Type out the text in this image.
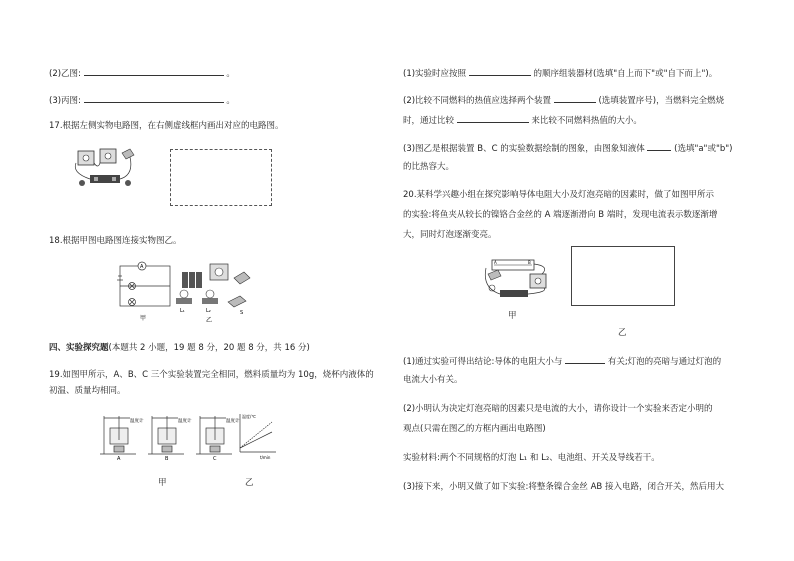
(2)乙图:	。
(3)丙图:	。
17.根据左侧实物电路图，在右侧虚线框内画出对应的电路图。
18.根据甲图电路图连接实物图乙。
A
甲
L₁	L₂	S
乙
四、实验探究题(本题共 2 小题，19 题 8 分，20 题 8 分，共 16 分)
19.如图甲所示，A、B、C 三个实验装置完全相同，燃料质量均为 10g，烧杯内液体的
初温、质量均相同。
温度计	温度计	温度计
A	B	C
温度/℃
t/min
甲	乙
(1)实验时应按照	的顺序组装器材(选填"自上而下"或"自下而上")。
(2)比较不同燃料的热值应选择两个装置	(选填装置序号)，当燃料完全燃烧
时，通过比较	来比较不同燃料热值的大小。
(3)图乙是根据装置 B、C 的实验数据绘制的图象，由图象知液体	(选填"a"或"b")
的比热容大。
20.某科学兴趣小组在探究影响导体电阻大小及灯泡亮暗的因素时，做了如图甲所示
的实验:将鱼夹从较长的镍铬合金丝的 A 端逐渐滑向 B 端时，发现电流表示数逐渐增
大，同时灯泡逐渐变亮。
A	B
甲
乙
(1)通过实验可得出结论:导体的电阻大小与	有关;灯泡的亮暗与通过灯泡的
电流大小有关。
(2)小明认为决定灯泡亮暗的因素只是电流的大小，请你设计一个实验来否定小明的
观点(只需在图乙的方框内画出电路图)
实验材料:两个不同规格的灯泡 L₁ 和 L₂、电池组、开关及导线若干。
(3)接下来，小明又做了如下实验:将整条镍合金丝 AB 接入电路，闭合开关，然后用大
